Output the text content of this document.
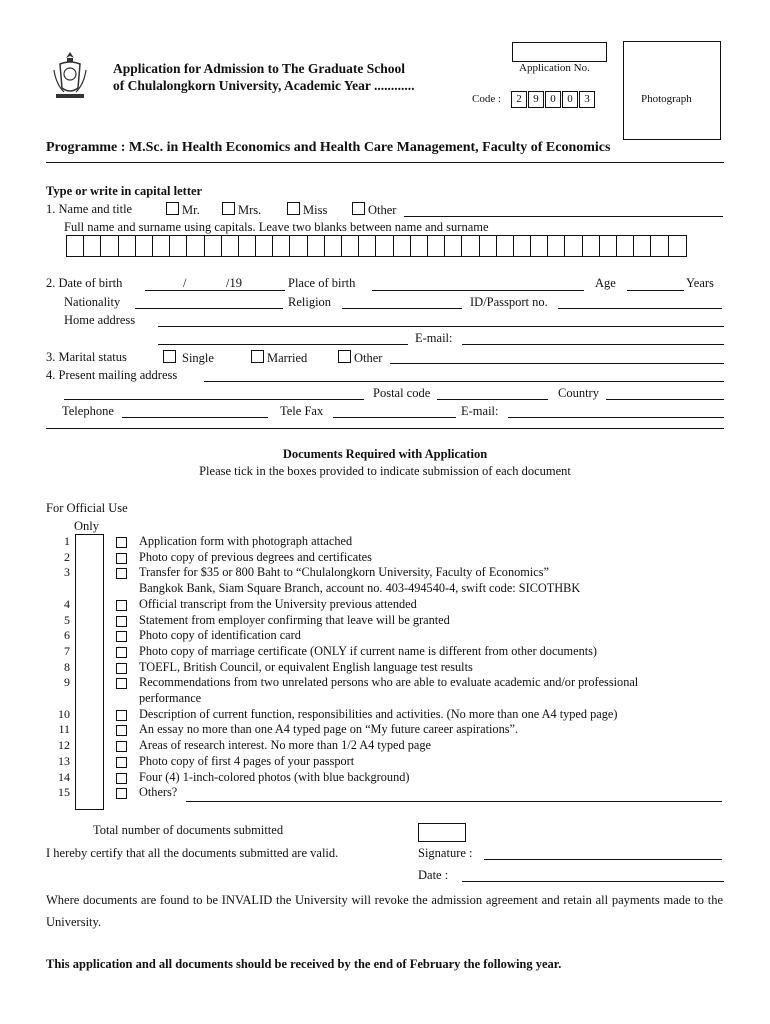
Application for Admission to The Graduate School
of Chulalongkorn University, Academic Year ............
Application No.
Code :	2 9 0 0 3	Photograph
Programme : M.Sc. in Health Economics and Health Care Management, Faculty of Economics
Type or write in capital letter
1. Name and title	Mr.	Mrs.	Miss	Other
Full name and surname using capitals. Leave two blanks between name and surname
2. Date of birth	/	/19	Place of birth	Age	Years
Nationality	Religion	ID/Passport no.
Home address
E-mail:
3. Marital status	Single	Married	Other
4. Present mailing address
Postal code	Country
Telephone	Tele Fax	E-mail:
Documents Required with Application
Please tick in the boxes provided to indicate submission of each document
For Official Use
Only
1	Application form with photograph attached
2	Photo copy of previous degrees and certificates
3	Transfer for $35 or 800 Baht to “Chulalongkorn University, Faculty of Economics”
Bangkok Bank, Siam Square Branch, account no. 403-494540-4, swift code: SICOTHBK
4	Official transcript from the University previous attended
5	Statement from employer confirming that leave will be granted
6	Photo copy of identification card
7	Photo copy of marriage certificate (ONLY if current name is different from other documents)
8	TOEFL, British Council, or equivalent English language test results
9	Recommendations from two unrelated persons who are able to evaluate academic and/or professional
performance
10	Description of current function, responsibilities and activities. (No more than one A4 typed page)
11	An essay no more than one A4 typed page on “My future career aspirations”.
12	Areas of research interest. No more than 1/2 A4 typed page
13	Photo copy of first 4 pages of your passport
14	Four (4) 1-inch-colored photos (with blue background)
15	Others?
Total number of documents submitted
I hereby certify that all the documents submitted are valid.	Signature :
Date :
Where documents are found to be INVALID the University will revoke the admission agreement and retain all payments made to the University.
This application and all documents should be received by the end of February the following year.
